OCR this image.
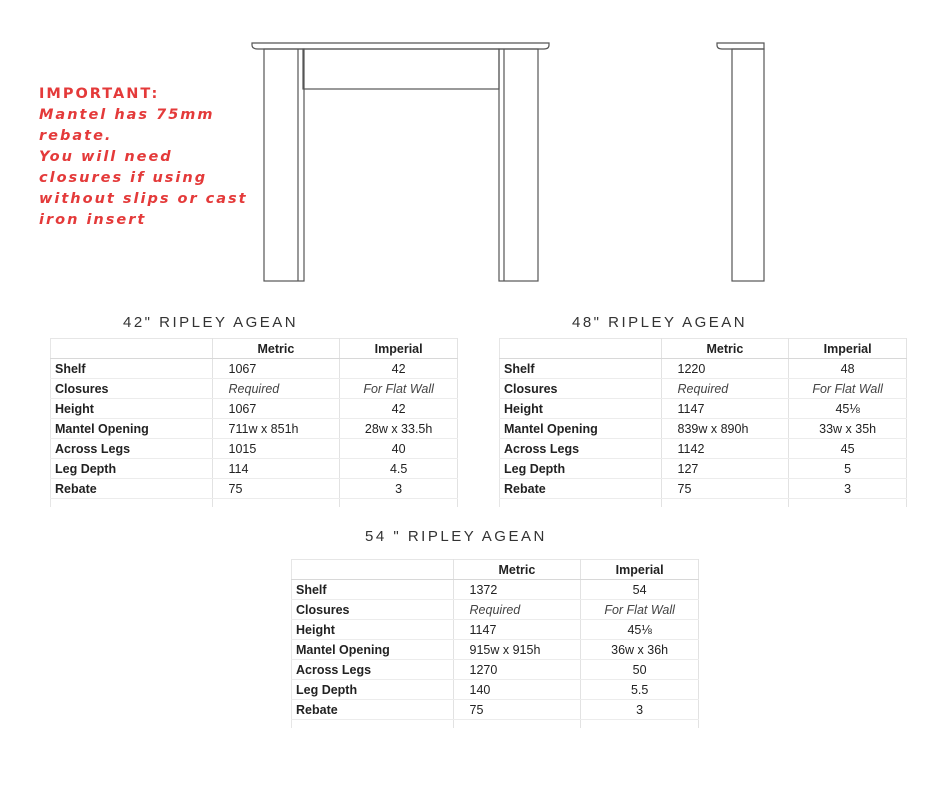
IMPORTANT:
Mantel has 75mm
rebate.
You will need
closures if using
without slips or cast
iron insert
42" RIPLEY AGEAN
	Metric	Imperial
Shelf	1067	42
Closures	Required	For Flat Wall
Height	1067	42
Mantel Opening	711w x 851h	28w x 33.5h
Across Legs	1015	40
Leg Depth	114	4.5
Rebate	75	3

48" RIPLEY AGEAN
	Metric	Imperial
Shelf	1220	48
Closures	Required	For Flat Wall
Height	1147	45⅛
Mantel Opening	839w x 890h	33w x 35h
Across Legs	1142	45
Leg Depth	127	5
Rebate	75	3

54 " RIPLEY AGEAN
	Metric	Imperial
Shelf	1372	54
Closures	Required	For Flat Wall
Height	1147	45⅛
Mantel Opening	915w x 915h	36w x 36h
Across Legs	1270	50
Leg Depth	140	5.5
Rebate	75	3
